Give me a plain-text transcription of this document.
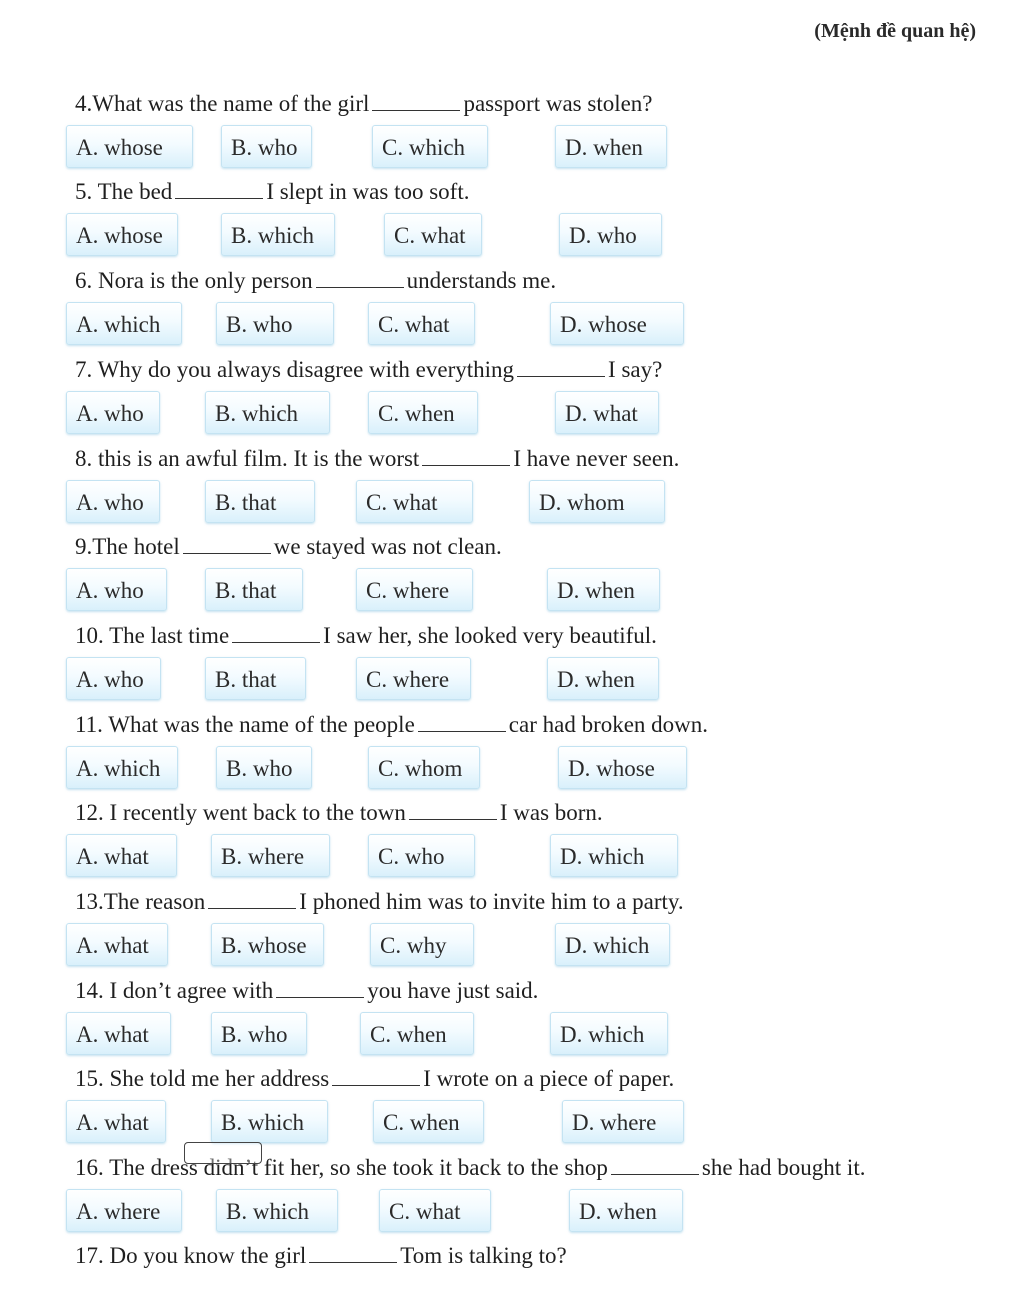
(Mệnh đề quan hệ)
4.What was the name of the girl	passport was stolen?
A. whose	B. who	C. which	D. when
5. The bed	I slept in was too soft.
A. whose	B. which	C. what	D. who
6. Nora is the only person	understands me.
A. which	B. who	C. what	D. whose
7. Why do you always disagree with everything	I say?
A. who	B. which	C. when	D. what
8. this is an awful film. It is the worst	I have never seen.
A. who	B. that	C. what	D. whom
9.The hotel	we stayed was not clean.
A. who	B. that	C. where	D. when
10. The last time	I saw her, she looked very beautiful.
A. who	B. that	C. where	D. when
11. What was the name of the people	car had broken down.
A. which	B. who	C. whom	D. whose
12. I recently went back to the town	I was born.
A. what	B. where	C. who	D. which
13.The reason	I phoned him was to invite him to a party.
A. what	B. whose	C. why	D. which
14. I don’t agree with	you have just said.
A. what	B. who	C. when	D. which
15. She told me her address	I wrote on a piece of paper.
A. what	B. which	C. when	D. where
16. The dress didn’t fit her, so she took it back to the shop	she had bought it.
A. where	B. which	C. what	D. when
17. Do you know the girl	Tom is talking to?
